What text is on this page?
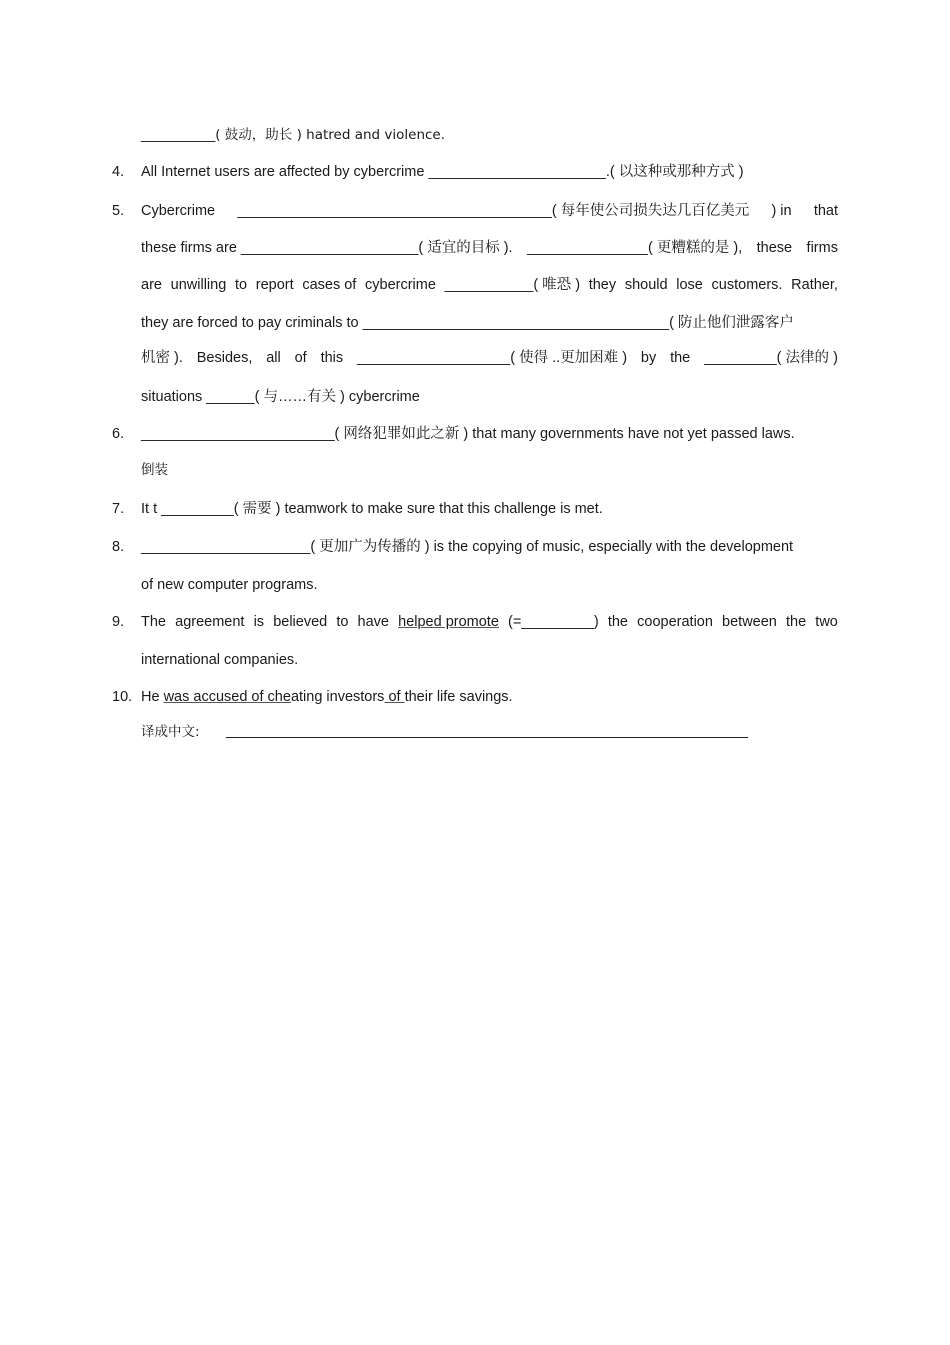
___________( 鼓动，助长 ) hatred and violence.
4.	All Internet users are affected by cybercrime ______________________.( 以这种或那种方式 )
5.	Cybercrime _______________________________________( 每年使公司损失达几百亿美元 ) in that
these firms are ______________________( 适宜的目标 ). _______________( 更糟糕的是 ), these firms
are unwilling to report cases of cybercrime ___________( 唯恐 ) they should lose customers. Rather,
they are forced to pay criminals to ______________________________________( 防止他们泄露客户
机密 ). Besides, all of this ___________________( 使得 ..更加困难 ) by the _________( 法律的 )
situations ______( 与……有关 ) cybercrime
6.	________________________( 网络犯罪如此之新 ) that many governments have not yet passed laws.
倒装
7.	It t _________( 需要 ) teamwork to make sure that this challenge is met.
8.	_____________________( 更加广为传播的 ) is the copying of music, especially with the development
of new computer programs.
9.	The agreement is believed to have helped promote (=_________) the cooperation between the two
international companies.
10. He was accused of cheating investors of their life savings.
译成中文:
